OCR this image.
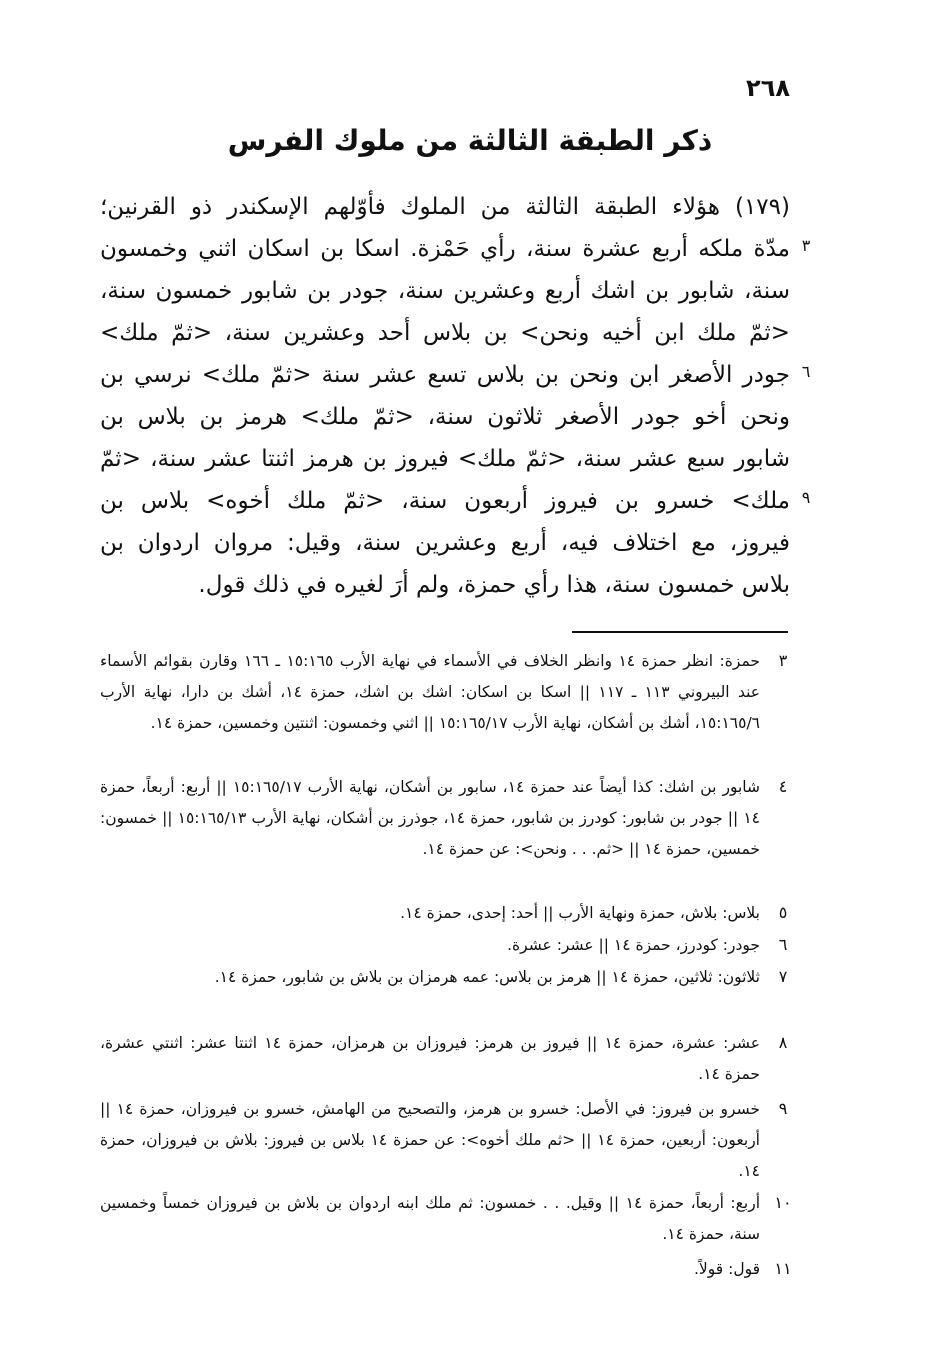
٢٦٨
ذكر الطبقة الثالثة من ملوك الفرس
(١٧٩) هؤلاء الطبقة الثالثة من الملوك فأوّلهم الإسكندر ذو القرنين؛
مدّة ملكه أربع عشرة سنة، رأي حَمْزة. اسكا بن اسكان اثني وخمسون
سنة، شابور بن اشك أربع وعشرين سنة، جودر بن شابور خمسون سنة،
<ثمّ ملك ابن أخيه ونحن> بن بلاس أحد وعشرين سنة، <ثمّ ملك>
جودر الأصغر ابن ونحن بن بلاس تسع عشر سنة <ثمّ ملك> نرسي بن
ونحن أخو جودر الأصغر ثلاثون سنة، <ثمّ ملك> هرمز بن بلاس بن
شابور سبع عشر سنة، <ثمّ ملك> فيروز بن هرمز اثنتا عشر سنة، <ثمّ
ملك> خسرو بن فيروز أربعون سنة، <ثمّ ملك أخوه> بلاس بن
فيروز، مع اختلاف فيه، أربع وعشرين سنة، وقيل: مروان اردوان بن
بلاس خمسون سنة، هذا رأي حمزة، ولم أرَ لغيره في ذلك قول.
٣
٦
٩
٣
حمزة: انظر حمزة ١٤ وانظر الخلاف في الأسماء في نهاية الأرب ١٥:١٦٥ ـ ١٦٦ وقارن بقوائم الأسماء عند البيروني ١١٣ ـ ١١٧ || اسكا بن اسكان: اشك بن اشك، حمزة ١٤، أشك بن دارا، نهاية الأرب ١٥:١٦٥/٦، أشك بن أشكان، نهاية الأرب ١٥:١٦٥/١٧ || اثني وخمسون: اثنتين وخمسين، حمزة ١٤.
٤
شابور بن اشك: كذا أيضاً عند حمزة ١٤، سابور بن أشكان، نهاية الأرب ١٥:١٦٥/١٧ || أربع: أربعاً، حمزة ١٤ || جودر بن شابور: كودرز بن شابور، حمزة ١٤، جوذرز بن أشكان، نهاية الأرب ١٥:١٦٥/١٣ || خمسون: خمسين، حمزة ١٤ || <ثم. . . ونحن>: عن حمزة ١٤.
٥
بلاس: بلاش، حمزة ونهاية الأرب || أحد: إحدى، حمزة ١٤.
٦
جودر: كودرز، حمزة ١٤ || عشر: عشرة.
٧
ثلاثون: ثلاثين، حمزة ١٤ || هرمز بن بلاس: عمه هرمزان بن بلاش بن شابور، حمزة ١٤.
٨
عشر: عشرة، حمزة ١٤ || فيروز بن هرمز: فيروزان بن هرمزان، حمزة ١٤ اثنتا عشر: اثنتي عشرة، حمزة ١٤.
٩
خسرو بن فيروز: في الأصل: خسرو بن هرمز، والتصحيح من الهامش، خسرو بن فيروزان، حمزة ١٤ || أربعون: أربعين، حمزة ١٤ || <ثم ملك أخوه>: عن حمزة ١٤ بلاس بن فيروز: بلاش بن فيروزان، حمزة ١٤.
١٠
أربع: أربعاً، حمزة ١٤ || وقيل. . . خمسون: ثم ملك ابنه اردوان بن بلاش بن فيروزان خمساً وخمسين سنة، حمزة ١٤.
١١
قول: قولاً.
